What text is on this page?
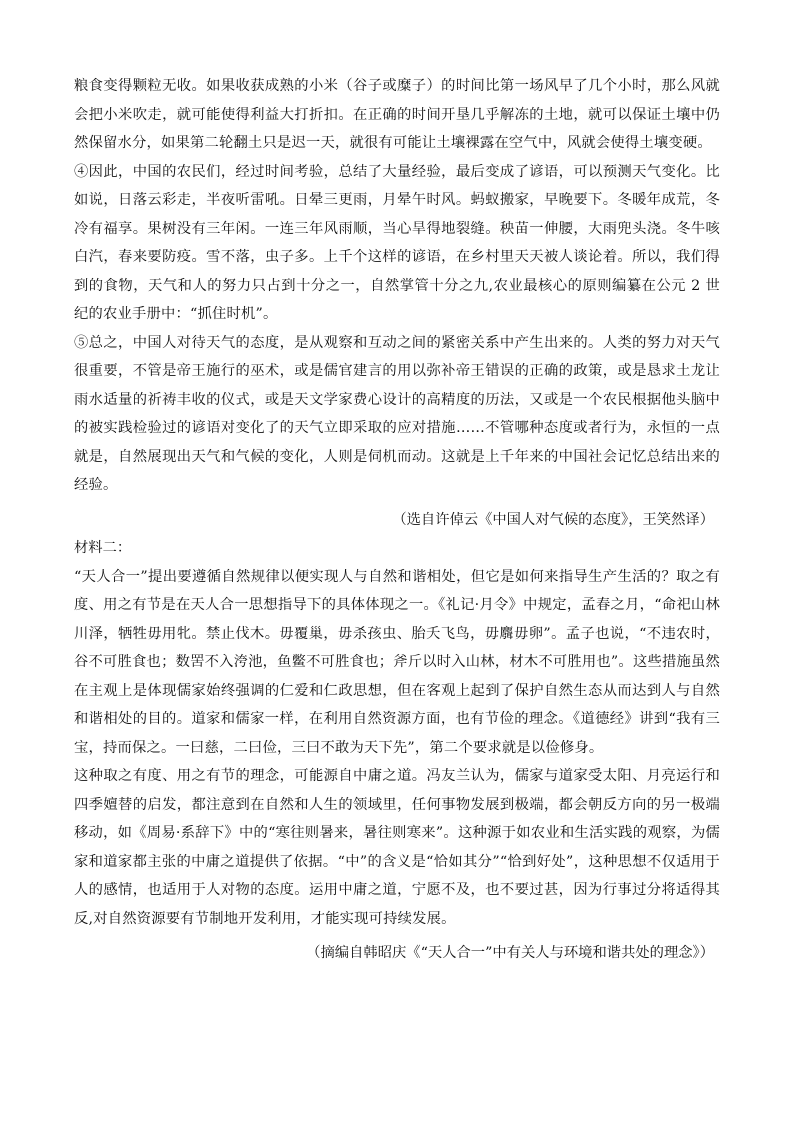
粮食变得颗粒无收。如果收获成熟的小米（谷子或糜子）的时间比第一场风早了几个小时，那么风就会把小米吹走，就可能使得利益大打折扣。在正确的时间开垦几乎解冻的土地，就可以保证土壤中仍然保留水分，如果第二轮翻土只是迟一天，就很有可能让土壤裸露在空气中，风就会使得土壤变硬。

④因此，中国的农民们，经过时间考验，总结了大量经验，最后变成了谚语，可以预测天气变化。比如说，日落云彩走，半夜听雷吼。日晕三更雨，月晕午时风。蚂蚁搬家，早晚要下。冬暖年成荒，冬冷有福享。果树没有三年闲。一连三年风雨顺，当心旱得地裂缝。秧苗一伸腰，大雨兜头浇。冬牛咳白汽，春来要防疫。雪不落，虫子多。上千个这样的谚语，在乡村里天天被人谈论着。所以，我们得到的食物，天气和人的努力只占到十分之一，自然掌管十分之九,农业最核心的原则编纂在公元 2 世纪的农业手册中：“抓住时机”。

⑤总之，中国人对待天气的态度，是从观察和互动之间的紧密关系中产生出来的。人类的努力对天气很重要，不管是帝王施行的巫术，或是儒官建言的用以弥补帝王错误的正确的政策，或是恳求土龙让雨水适量的祈祷丰收的仪式，或是天文学家费心设计的高精度的历法，又或是一个农民根据他头脑中的被实践检验过的谚语对变化了的天气立即采取的应对措施……不管哪种态度或者行为，永恒的一点就是，自然展现出天气和气候的变化，人则是伺机而动。这就是上千年来的中国社会记忆总结出来的经验。

（选自许倬云《中国人对气候的态度》，王笑然译）

材料二：

“天人合一”提出要遵循自然规律以便实现人与自然和谐相处，但它是如何来指导生产生活的？取之有度、用之有节是在天人合一思想指导下的具体体现之一。《礼记·月令》中规定，孟春之月，“命祀山林川泽，牺牲毋用牝。禁止伐木。毋覆巢，毋杀孩虫、胎夭飞鸟，毋麛毋卵”。孟子也说，“不违农时，谷不可胜食也；数罟不入洿池，鱼鳖不可胜食也；斧斤以时入山林，材木不可胜用也”。这些措施虽然在主观上是体现儒家始终强调的仁爱和仁政思想，但在客观上起到了保护自然生态从而达到人与自然和谐相处的目的。道家和儒家一样，在利用自然资源方面，也有节俭的理念。《道德经》讲到“我有三宝，持而保之。一曰慈，二曰俭，三曰不敢为天下先”，第二个要求就是以俭修身。

这种取之有度、用之有节的理念，可能源自中庸之道。冯友兰认为，儒家与道家受太阳、月亮运行和四季嬗替的启发，都注意到在自然和人生的领域里，任何事物发展到极端，都会朝反方向的另一极端移动，如《周易·系辞下》中的“寒往则暑来，暑往则寒来”。这种源于如农业和生活实践的观察，为儒家和道家都主张的中庸之道提供了依据。“中”的含义是“恰如其分”“恰到好处”，这种思想不仅适用于人的感情，也适用于人对物的态度。运用中庸之道，宁愿不及，也不要过甚，因为行事过分将适得其反,对自然资源要有节制地开发利用，才能实现可持续发展。

（摘编自韩昭庆《“天人合一”中有关人与环境和谐共处的理念》）
